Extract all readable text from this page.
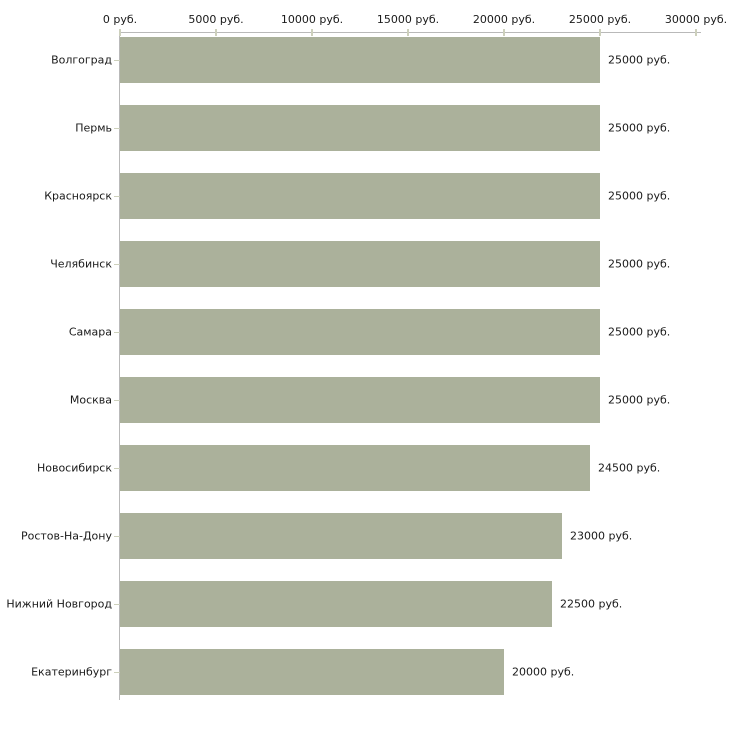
0 руб.	5000 руб.	10000 руб.	15000 руб.	20000 руб.	25000 руб.	30000 руб.
Волгоград	25000 руб.
Пермь	25000 руб.
Красноярск	25000 руб.
Челябинск	25000 руб.
Самара	25000 руб.
Москва	25000 руб.
Новосибирск	24500 руб.
Ростов-На-Дону	23000 руб.
Нижний Новгород	22500 руб.
Екатеринбург	20000 руб.
